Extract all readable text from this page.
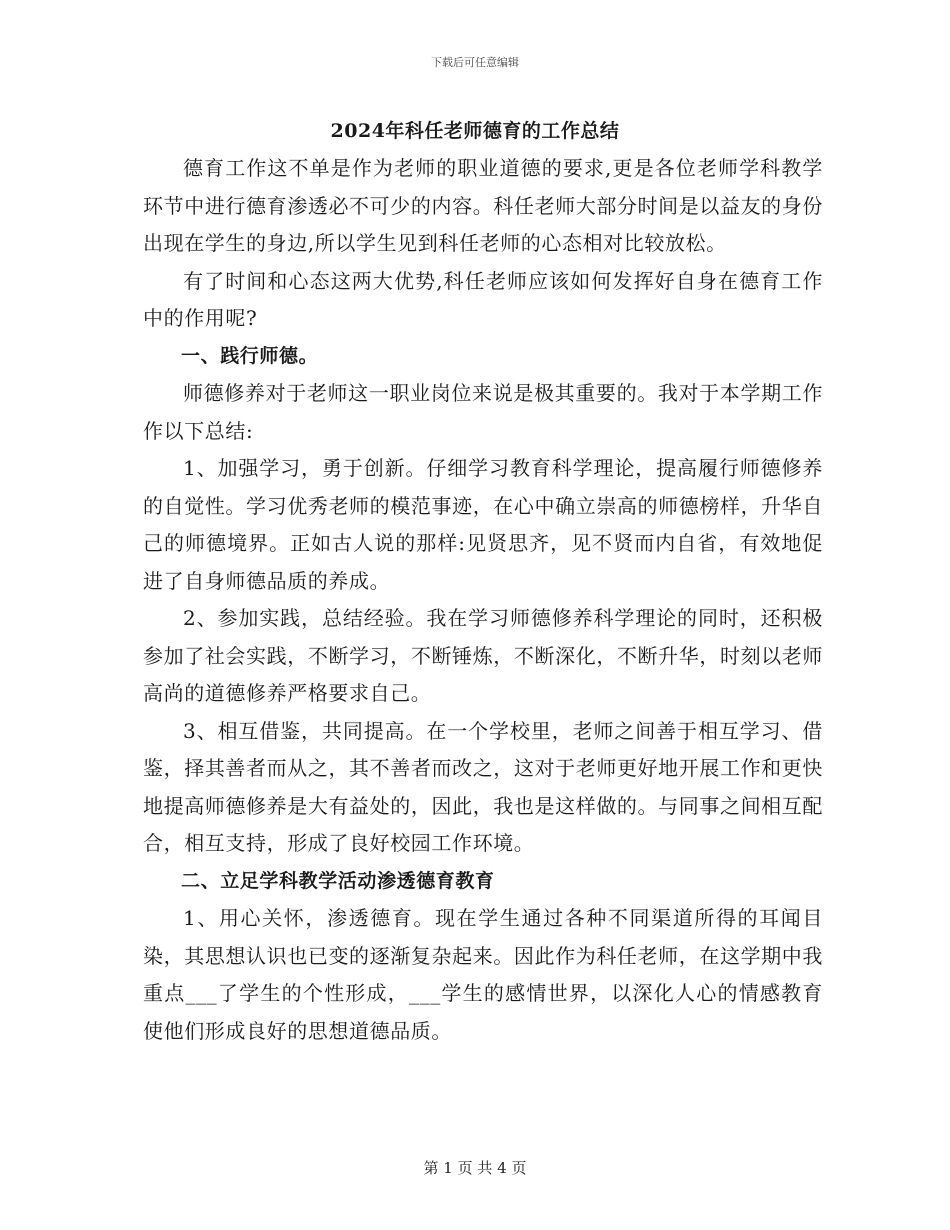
下载后可任意编辑
2024年科任老师德育的工作总结

德育工作这不单是作为老师的职业道德的要求,更是各位老师学科教学环节中进行德育渗透必不可少的内容。科任老师大部分时间是以益友的身份出现在学生的身边,所以学生见到科任老师的心态相对比较放松。

有了时间和心态这两大优势,科任老师应该如何发挥好自身在德育工作中的作用呢?

一、践行师德。

师德修养对于老师这一职业岗位来说是极其重要的。我对于本学期工作作以下总结:

1、加强学习，勇于创新。仔细学习教育科学理论，提高履行师德修养的自觉性。学习优秀老师的模范事迹，在心中确立崇高的师德榜样，升华自己的师德境界。正如古人说的那样:见贤思齐，见不贤而内自省，有效地促进了自身师德品质的养成。

2、参加实践，总结经验。我在学习师德修养科学理论的同时，还积极参加了社会实践，不断学习，不断锤炼，不断深化，不断升华，时刻以老师高尚的道德修养严格要求自己。

3、相互借鉴，共同提高。在一个学校里，老师之间善于相互学习、借鉴，择其善者而从之，其不善者而改之，这对于老师更好地开展工作和更快地提高师德修养是大有益处的，因此，我也是这样做的。与同事之间相互配合，相互支持，形成了良好校园工作环境。

二、立足学科教学活动渗透德育教育

1、用心关怀，渗透德育。现在学生通过各种不同渠道所得的耳闻目染，其思想认识也已变的逐渐复杂起来。因此作为科任老师，在这学期中我重点___了学生的个性形成，___学生的感情世界，以深化人心的情感教育使他们形成良好的思想道德品质。

第 1 页 共 4 页
